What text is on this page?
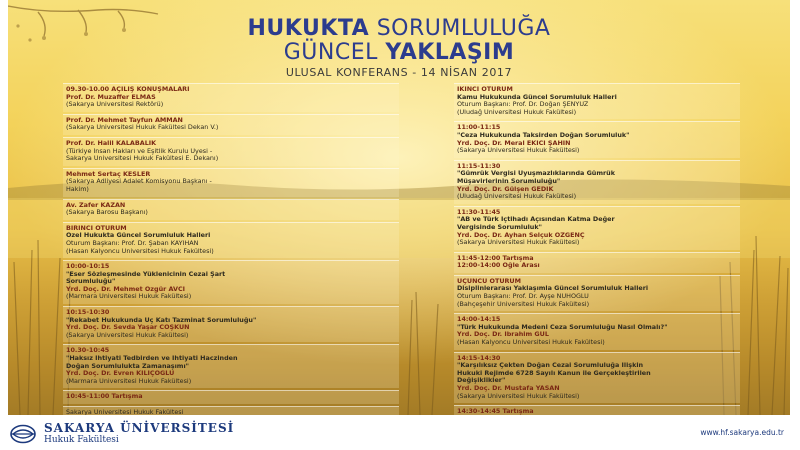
HUKUKTA SORUMLULUĞA
GÜNCEL YAKLAŞIM
ULUSAL KONFERANS - 14 NİSAN 2017
09.30-10.00 AÇILIŞ KONUŞMALARI
Prof. Dr. Muzaffer ELMAS
(Sakarya Üniversitesi Rektörü)
Prof. Dr. Mehmet Tayfun AMMAN
(Sakarya Üniversitesi Hukuk Fakültesi Dekan V.)
Prof. Dr. Halil KALABALIK
(Türkiye İnsan Hakları ve Eşitlik Kurulu Üyesi -
Sakarya Üniversitesi Hukuk Fakültesi E. Dekanı)
Mehmet Sertaç KESLER
(Sakarya Adliyesi Adalet Komisyonu Başkanı -
Hakim)
Av. Zafer KAZAN
(Sakarya Barosu Başkanı)
BİRİNCİ OTURUM
Özel Hukukta Güncel Sorumluluk Halleri
Oturum Başkanı: Prof. Dr. Şaban KAYIHAN
(Hasan Kalyoncu Üniversitesi Hukuk Fakültesi)
10:00-10:15
"Eser Sözleşmesinde Yüklenicinin Cezai Şart
Sorumluluğu"
Yrd. Doç. Dr. Mehmet Özgür AVCI
(Marmara Üniversitesi Hukuk Fakültesi)
10:15-10:30
"Rekabet Hukukunda Üç Katı Tazminat Sorumluluğu"
Yrd. Doç. Dr. Sevda Yaşar COŞKUN
(Sakarya Üniversitesi Hukuk Fakültesi)
10.30-10:45
"Haksız İhtiyati Tedbirden ve İhtiyati Haczinden
Doğan Sorumlulukta Zamanaşımı"
Yrd. Doç. Dr. Evren KILIÇOĞLU
(Marmara Üniversitesi Hukuk Fakültesi)
10:45-11:00 Tartışma
Sakarya Üniversitesi Hukuk Fakültesi
İKİNCİ OTURUM
Kamu Hukukunda Güncel Sorumluluk Halleri
Oturum Başkanı: Prof. Dr. Doğan ŞENYÜZ
(Uludağ Üniversitesi Hukuk Fakültesi)
11:00-11:15
"Ceza Hukukunda Taksirden Doğan Sorumluluk"
Yrd. Doç. Dr. Meral EKİCİ ŞAHİN
(Sakarya Üniversitesi Hukuk Fakültesi)
11:15-11:30
"Gümrük Vergisi Uyuşmazlıklarında Gümrük
Müşavirlerinin Sorumluluğu"
Yrd. Doç. Dr. Gülşen GEDİK
(Uludağ Üniversitesi Hukuk Fakültesi)
11:30-11:45
"AB ve Türk İçtihadı Açısından Katma Değer
Vergisinde Sorumluluk"
Yrd. Doç. Dr. Ayhan Selçuk ÖZGENÇ
(Sakarya Üniversitesi Hukuk Fakültesi)
11:45-12:00 Tartışma
12:00-14:00 Öğle Arası
ÜÇÜNCÜ OTURUM
Disiplinlerarası Yaklaşımla Güncel Sorumluluk Halleri
Oturum Başkanı: Prof. Dr. Ayşe NUHOĞLU
(Bahçeşehir Üniversitesi Hukuk Fakültesi)
14:00-14:15
"Türk Hukukunda Medeni Ceza Sorumluluğu Nasıl Olmalı?"
Yrd. Doç. Dr. İbrahim GÜL
(Hasan Kalyoncu Üniversitesi Hukuk Fakültesi)
14:15-14:30
"Karşılıksız Çekten Doğan Cezai Sorumluluğa İlişkin
Hukuki Rejimde 6728 Sayılı Kanun ile Gerçekleştirilen
Değişiklikler"
Yrd. Doç. Dr. Mustafa YASAN
(Sakarya Üniversitesi Hukuk Fakültesi)
14:30-14:45 Tartışma
SAKARYA ÜNİVERSİTESİ
Hukuk Fakültesi
www.hf.sakarya.edu.tr
